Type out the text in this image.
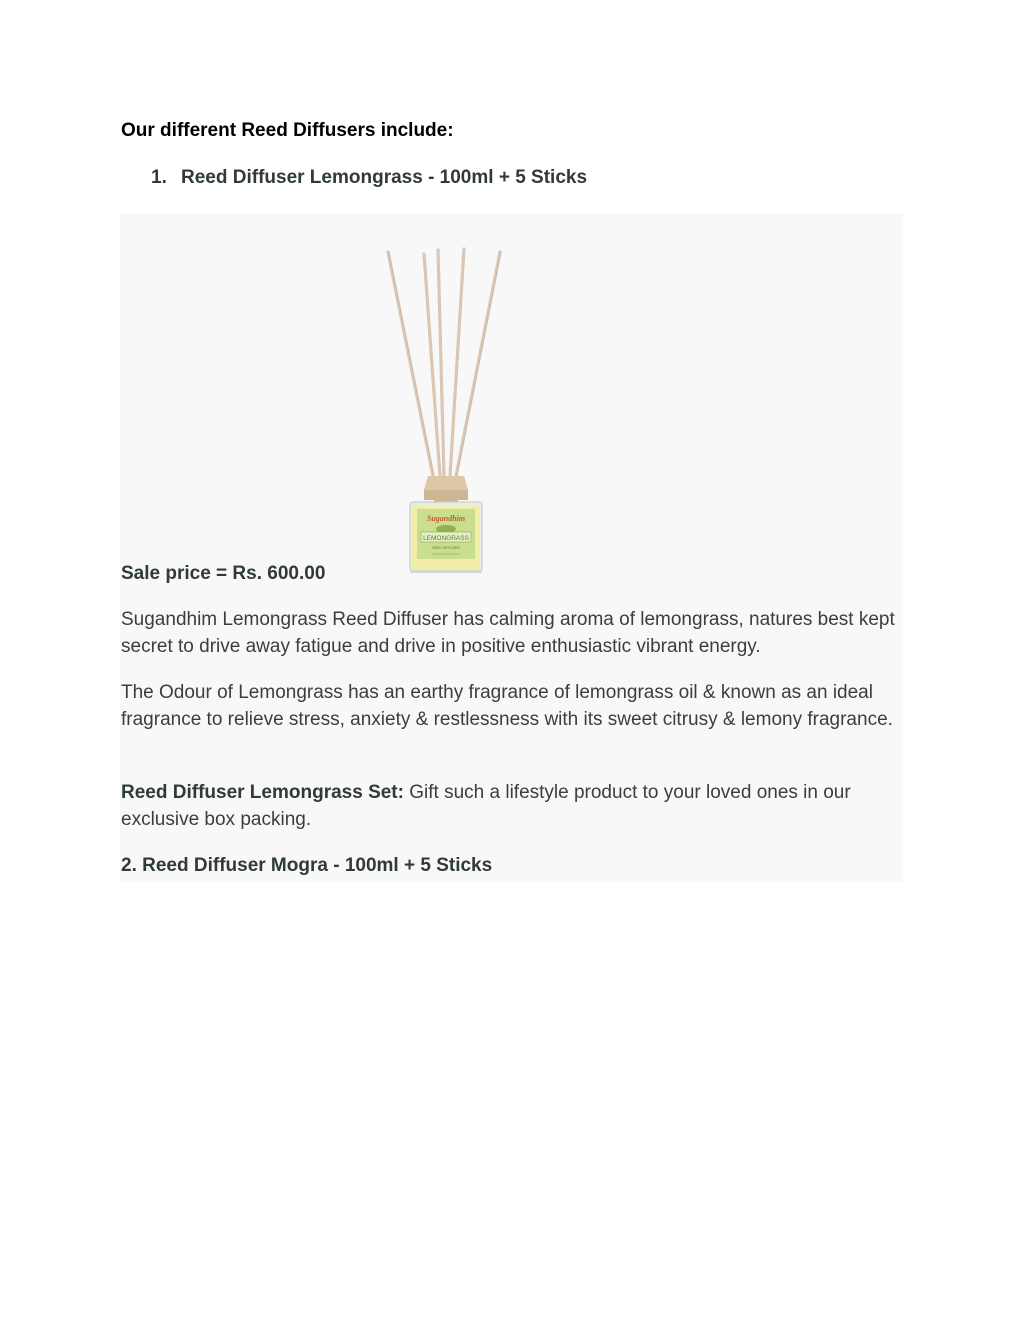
Our different Reed Diffusers include:

1. Reed Diffuser Lemongrass - 100ml + 5 Sticks

Sugandhim
LEMONGRASS
REED DIFFUSER

Sale price = Rs. 600.00

Sugandhim Lemongrass Reed Diffuser has calming aroma of lemongrass, natures best kept secret to drive away fatigue and drive in positive enthusiastic vibrant energy.

The Odour of Lemongrass has an earthy fragrance of lemongrass oil & known as an ideal fragrance to relieve stress, anxiety & restlessness with its sweet citrusy & lemony fragrance.

Reed Diffuser Lemongrass Set: Gift such a lifestyle product to your loved ones in our exclusive box packing.

2. Reed Diffuser Mogra - 100ml + 5 Sticks
